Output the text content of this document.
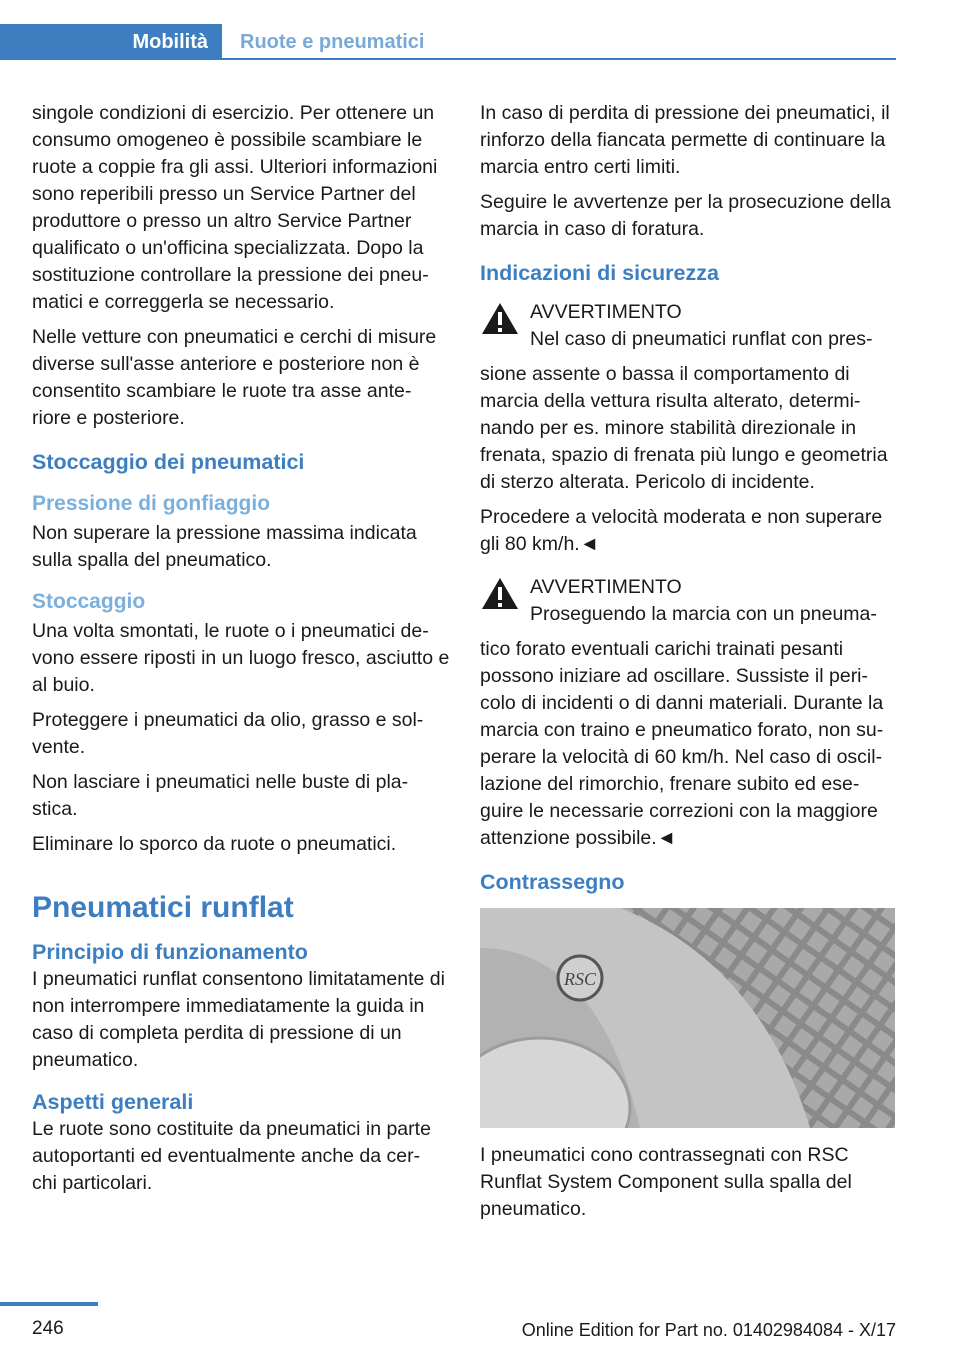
Mobilità	Ruote e pneumatici

singole condizioni di esercizio. Per ottenere un consumo omogeneo è possibile scambiare le ruote a coppie fra gli assi. Ulteriori informazioni sono reperibili presso un Service Partner del produttore o presso un altro Service Partner qualificato o un'officina specializzata. Dopo la sostituzione controllare la pressione dei pneu‐ matici e correggerla se necessario.

Nelle vetture con pneumatici e cerchi di misure diverse sull'asse anteriore e posteriore non è consentito scambiare le ruote tra asse ante‐ riore e posteriore.

Stoccaggio dei pneumatici
Pressione di gonfiaggio

Non superare la pressione massima indicata sulla spalla del pneumatico.

Stoccaggio

Una volta smontati, le ruote o i pneumatici de‐ vono essere riposti in un luogo fresco, asciutto e al buio.

Proteggere i pneumatici da olio, grasso e sol‐ vente.

Non lasciare i pneumatici nelle buste di pla‐ stica.

Eliminare lo sporco da ruote o pneumatici.

Pneumatici runflat
Principio di funzionamento

I pneumatici runflat consentono limitatamente di non interrompere immediatamente la guida in caso di completa perdita di pressione di un pneumatico.

Aspetti generali

Le ruote sono costituite da pneumatici in parte autoportanti ed eventualmente anche da cer‐ chi particolari.

In caso di perdita di pressione dei pneumatici, il rinforzo della fiancata permette di continuare la marcia entro certi limiti.

Seguire le avvertenze per la prosecuzione della marcia in caso di foratura.

Indicazioni di sicurezza

AVVERTIMENTO

Nel caso di pneumatici runflat con pres‐

sione assente o bassa il comportamento di marcia della vettura risulta alterato, determi‐ nando per es. minore stabilità direzionale in frenata, spazio di frenata più lungo e geometria di sterzo alterata. Pericolo di incidente.

Procedere a velocità moderata e non superare gli 80 km/h.◄

AVVERTIMENTO

Proseguendo la marcia con un pneuma‐

tico forato eventuali carichi trainati pesanti possono iniziare ad oscillare. Sussiste il peri‐ colo di incidenti o di danni materiali. Durante la marcia con traino e pneumatico forato, non su‐ perare la velocità di 60 km/h. Nel caso di oscil‐ lazione del rimorchio, frenare subito ed ese‐ guire le necessarie correzioni con la maggiore attenzione possibile.◄

Contrassegno
RSC

I pneumatici cono contrassegnati con RSC Runflat System Component sulla spalla del pneumatico.

246	Online Edition for Part no. 01402984084 - X/17
